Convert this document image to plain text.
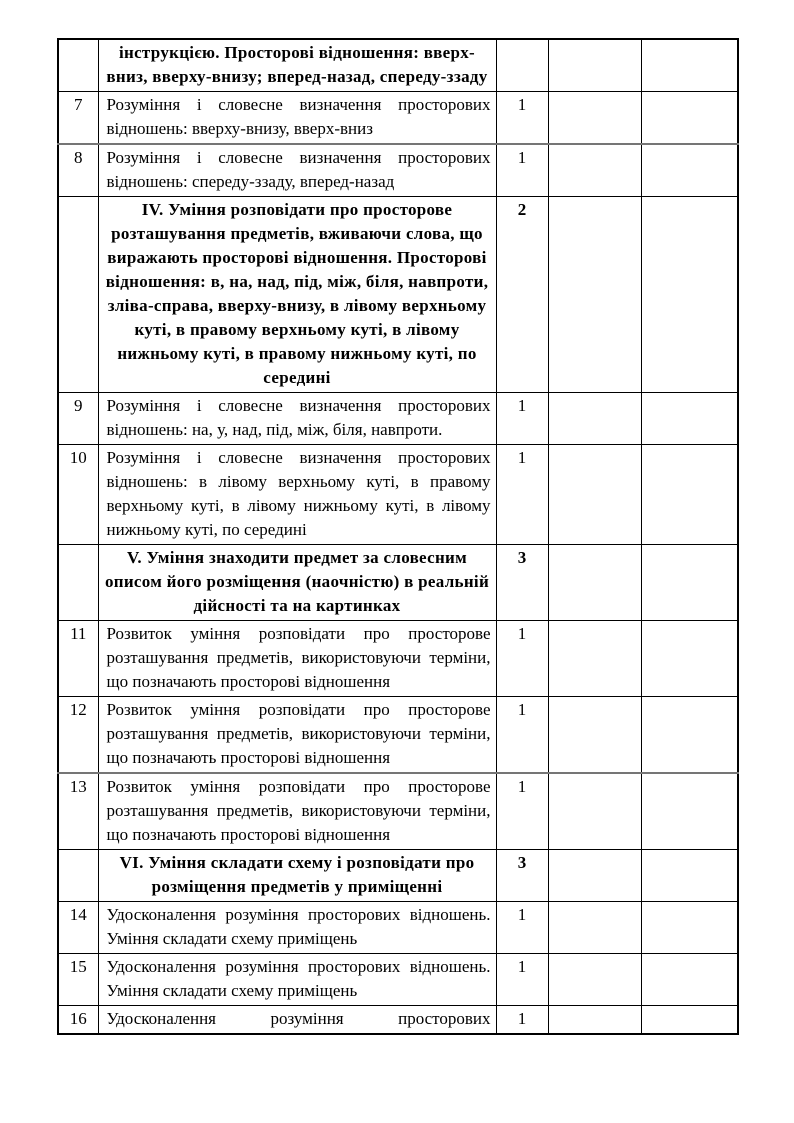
	інструкцією. Просторові відношення: вверх-вниз, вверху-внизу; вперед-назад, спереду-ззаду			
7	Розуміння і словесне визначення просторових відношень: вверху-внизу, вверх-вниз	1		
8	Розуміння і словесне визначення просторових відношень: спереду-ззаду, вперед-назад	1		
	IV. Уміння розповідати про просторове розташування предметів, вживаючи слова, що виражають просторові відношення. Просторові відношення: в, на, над, під, між, біля, навпроти, зліва-справа, вверху-внизу, в лівому верхньому куті, в правому верхньому куті, в лівому нижньому куті, в правому нижньому куті, по середині	2		
9	Розуміння і словесне визначення просторових відношень: на, у, над, під, між, біля, навпроти.	1		
10	Розуміння і словесне визначення просторових відношень: в лівому верхньому куті, в правому верхньому куті, в лівому нижньому куті, в лівому нижньому куті, по середині	1		
	V. Уміння знаходити предмет за словесним описом його розміщення (наочністю) в реальній дійсності та на картинках	3		
11	Розвиток уміння розповідати про просторове розташування предметів, використовуючи терміни, що позначають просторові відношення	1		
12	Розвиток уміння розповідати про просторове розташування предметів, використовуючи терміни, що позначають просторові відношення	1		
13	Розвиток уміння розповідати про просторове розташування предметів, використовуючи терміни, що позначають просторові відношення	1		
	VI. Уміння складати схему і розповідати про розміщення предметів у приміщенні	3		
14	Удосконалення розуміння просторових відношень. Уміння складати схему приміщень	1		
15	Удосконалення розуміння просторових відношень. Уміння складати схему приміщень	1		
16	Удосконалення розуміння просторових	1		
